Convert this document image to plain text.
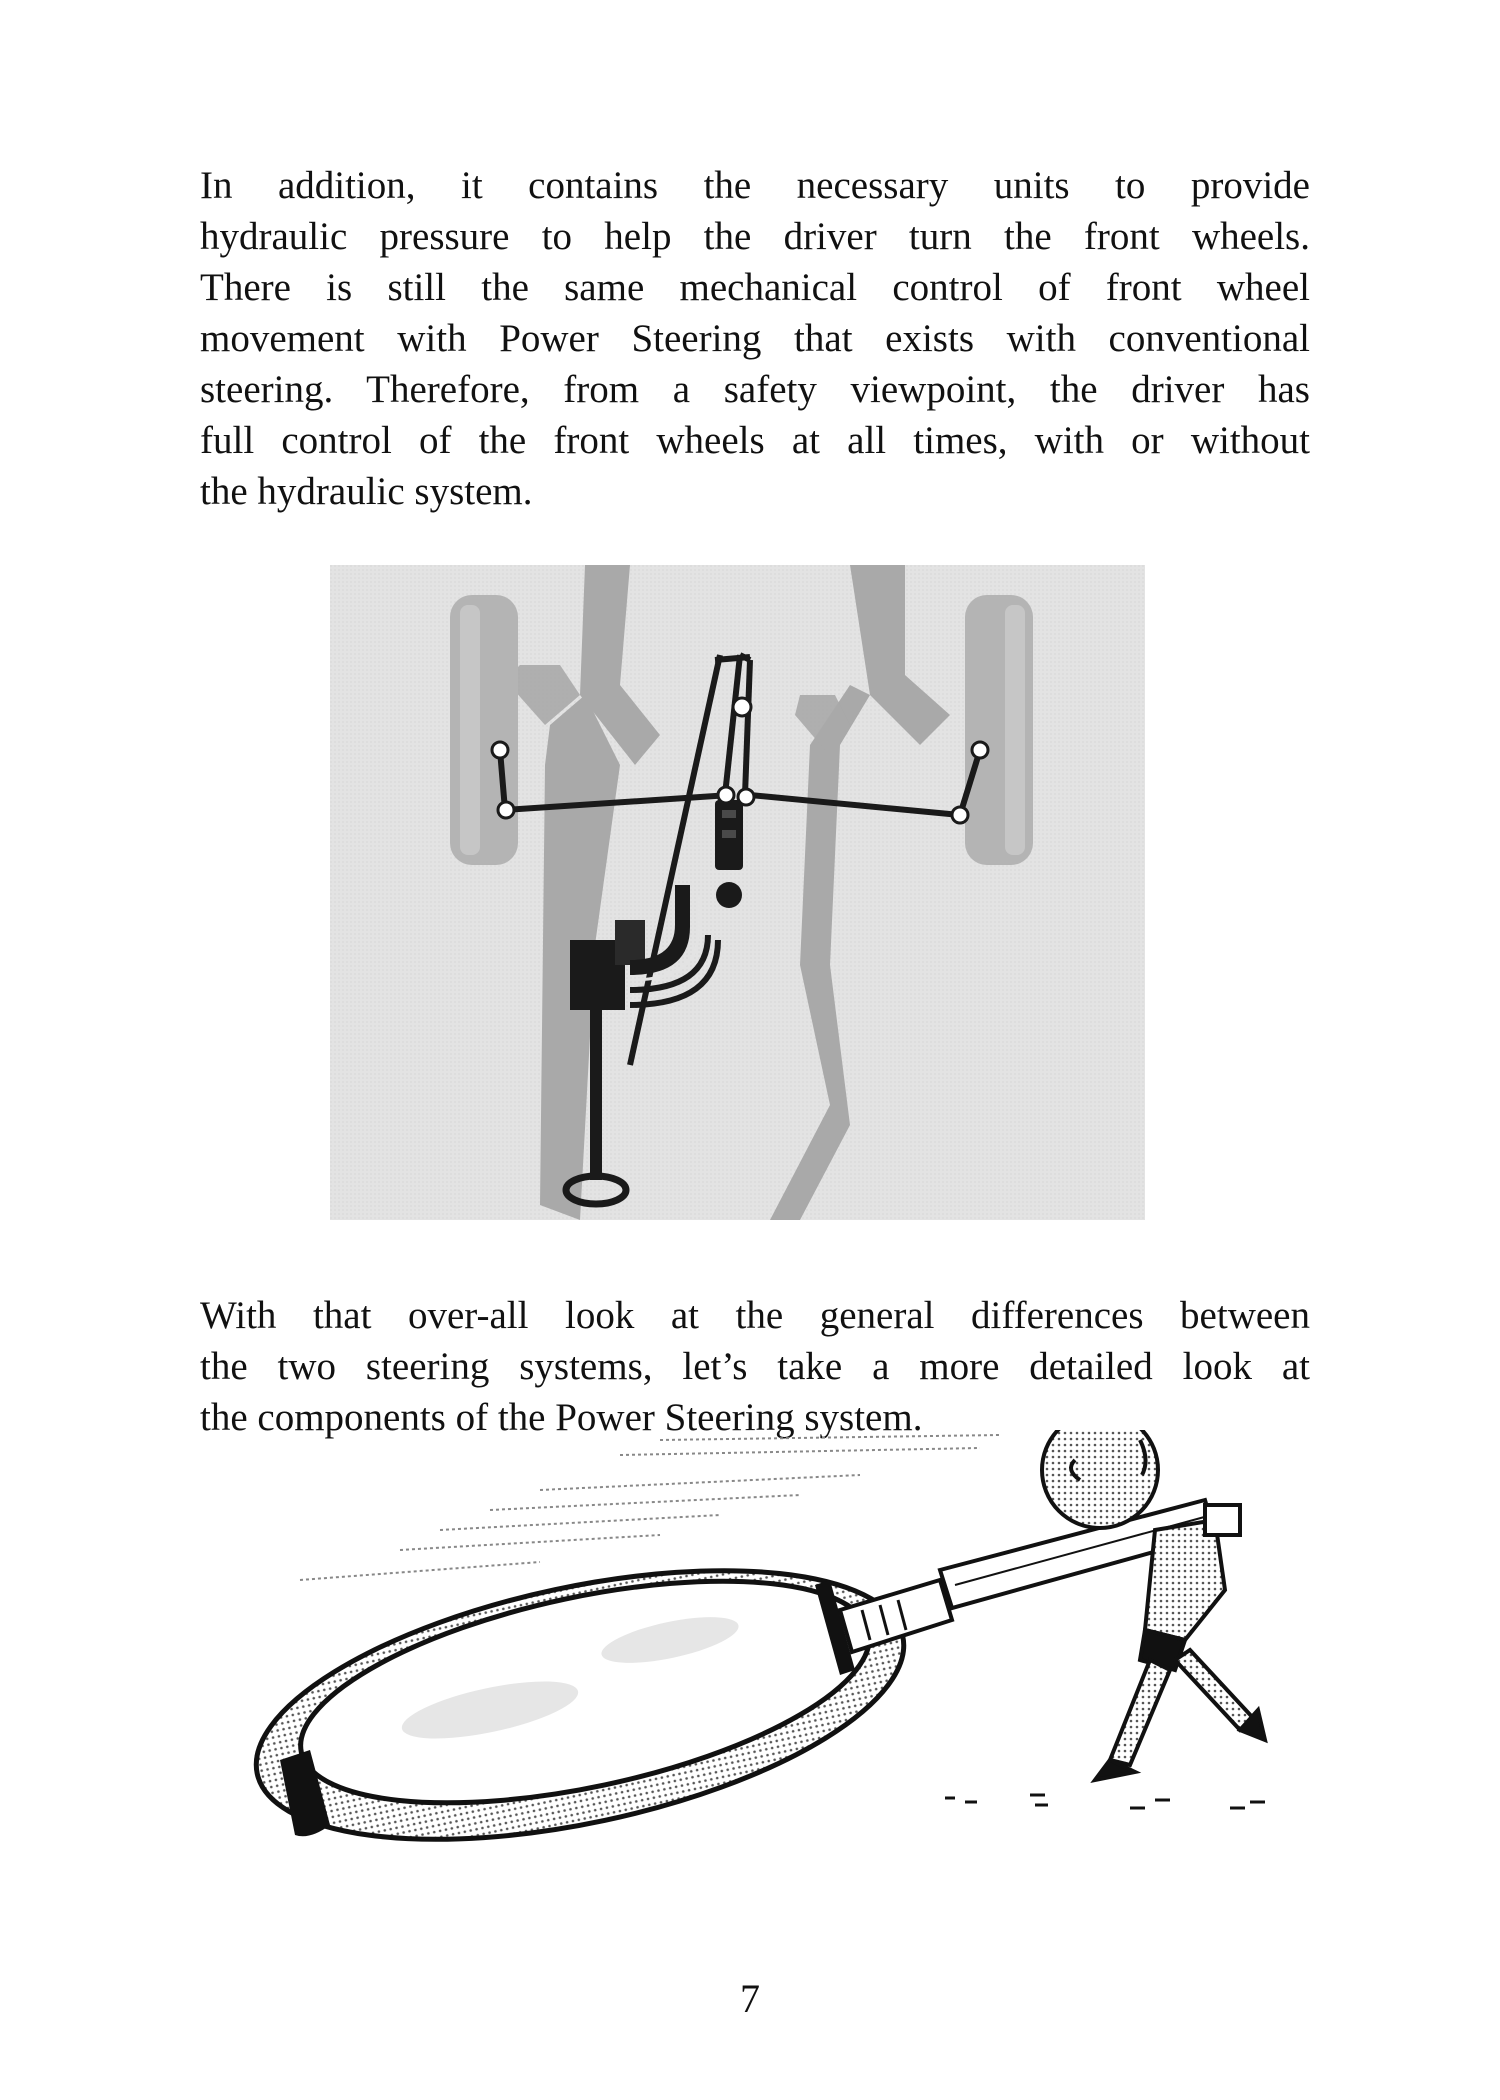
In addition, it contains the necessary units to provide
hydraulic pressure to help the driver turn the front wheels.
There is still the same mechanical control of front wheel
movement with Power Steering that exists with conventional
steering. Therefore, from a safety viewpoint, the driver has
full control of the front wheels at all times, with or without
the hydraulic system.
With that over-all look at the general differences between
the two steering systems, let’s take a more detailed look at
the components of the Power Steering system.
7
